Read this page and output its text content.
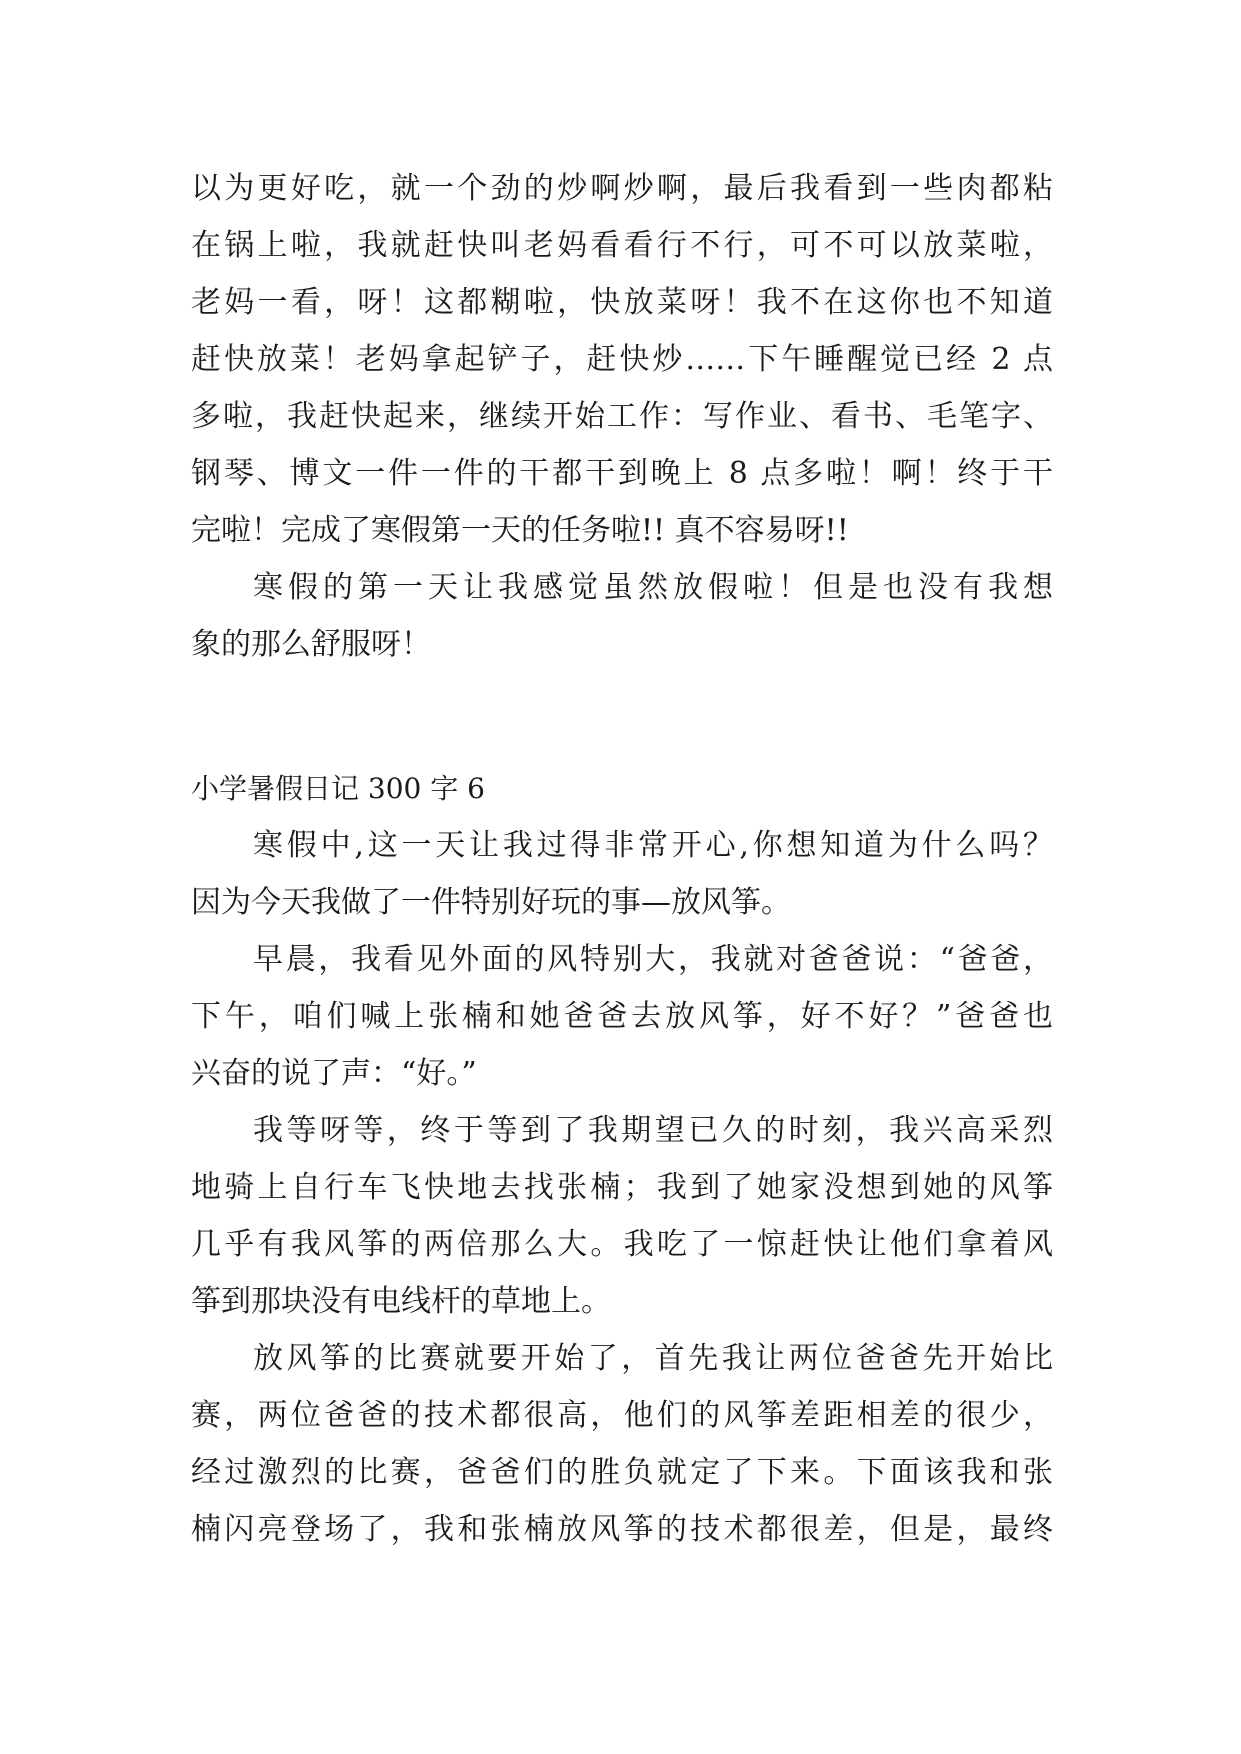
以为更好吃，就一个劲的炒啊炒啊，最后我看到一些肉都粘
在锅上啦，我就赶快叫老妈看看行不行，可不可以放菜啦，
老妈一看，呀！这都糊啦，快放菜呀！我不在这你也不知道
赶快放菜！老妈拿起铲子，赶快炒……下午睡醒觉已经 2 点
多啦，我赶快起来，继续开始工作：写作业、看书、毛笔字、
钢琴、博文一件一件的干都干到晚上 8 点多啦！啊！终于干
完啦！完成了寒假第一天的任务啦!! 真不容易呀!!
寒假的第一天让我感觉虽然放假啦！但是也没有我想
象的那么舒服呀！
小学暑假日记 300 字 6
寒假中,这一天让我过得非常开心,你想知道为什么吗？
因为今天我做了一件特别好玩的事—放风筝。
早晨，我看见外面的风特别大，我就对爸爸说：“爸爸，
下午，咱们喊上张楠和她爸爸去放风筝，好不好？”爸爸也
兴奋的说了声：“好。”
我等呀等，终于等到了我期望已久的时刻，我兴高采烈
地骑上自行车飞快地去找张楠；我到了她家没想到她的风筝
几乎有我风筝的两倍那么大。我吃了一惊赶快让他们拿着风
筝到那块没有电线杆的草地上。
放风筝的比赛就要开始了，首先我让两位爸爸先开始比
赛，两位爸爸的技术都很高，他们的风筝差距相差的很少，
经过激烈的比赛，爸爸们的胜负就定了下来。下面该我和张
楠闪亮登场了，我和张楠放风筝的技术都很差，但是，最终
